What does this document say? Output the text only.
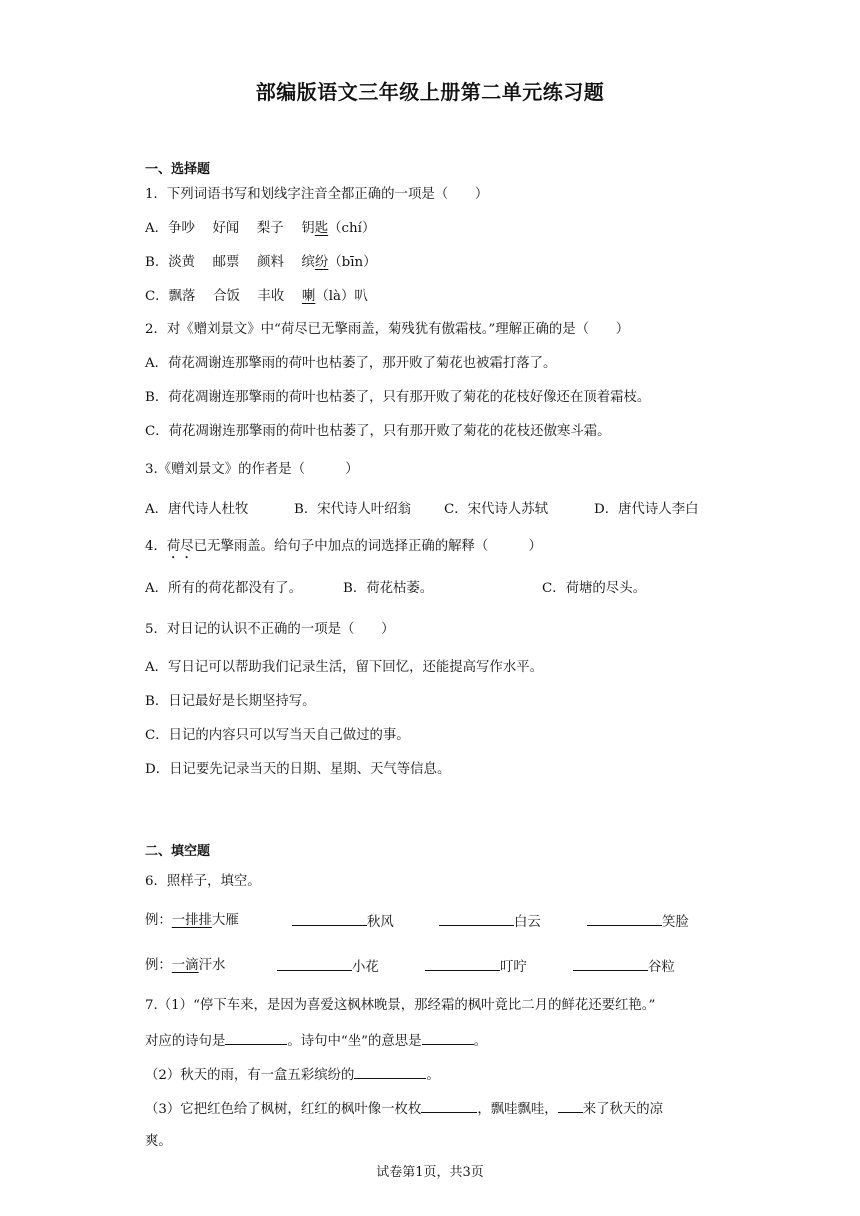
部编版语文三年级上册第二单元练习题
一、选择题
1．下列词语书写和划线字注音全都正确的一项是（　　）
A．争吵　 好闻　 梨子　 钥匙（chí）
B．淡黄　 邮票　 颜料　 缤纷（bīn）
C．飘落　 合饭　 丰收　 喇（là）叭
2．对《赠刘景文》中“荷尽已无擎雨盖，菊残犹有傲霜枝。”理解正确的是（　　）
A．荷花凋谢连那擎雨的荷叶也枯萎了，那开败了菊花也被霜打落了。
B．荷花凋谢连那擎雨的荷叶也枯萎了，只有那开败了菊花的花枝好像还在顶着霜枝。
C．荷花凋谢连那擎雨的荷叶也枯萎了，只有那开败了菊花的花枝还傲寒斗霜。
3.《赠刘景文》的作者是（　　　）
A．唐代诗人杜牧	B．宋代诗人叶绍翁 C．宋代诗人苏轼	D．唐代诗人李白
4．荷尽已无擎雨盖。给句子中加点的词选择正确的解释（　　　）
A．所有的荷花都没有了。	B．荷花枯萎。	C．荷塘的尽头。
5．对日记的认识不正确的一项是（　　）
A．写日记可以帮助我们记录生活，留下回忆，还能提高写作水平。
B．日记最好是长期坚持写。
C．日记的内容只可以写当天自己做过的事。
D．日记要先记录当天的日期、星期、天气等信息。
二、填空题
6．照样子，填空。
例：一排排大雁	秋风	白云	笑脸
例：一滴汗水	小花	叮咛	谷粒
7.（1）“停下车来，是因为喜爱这枫林晚景，那经霜的枫叶竟比二月的鲜花还要红艳。”
对应的诗句是	。诗句中“坐”的意思是	。
（2）秋天的雨，有一盒五彩缤纷的	。
（3）它把红色给了枫树，红红的枫叶像一枚枚	，飘哇飘哇， 来了秋天的凉
爽。
试卷第1页，共3页
